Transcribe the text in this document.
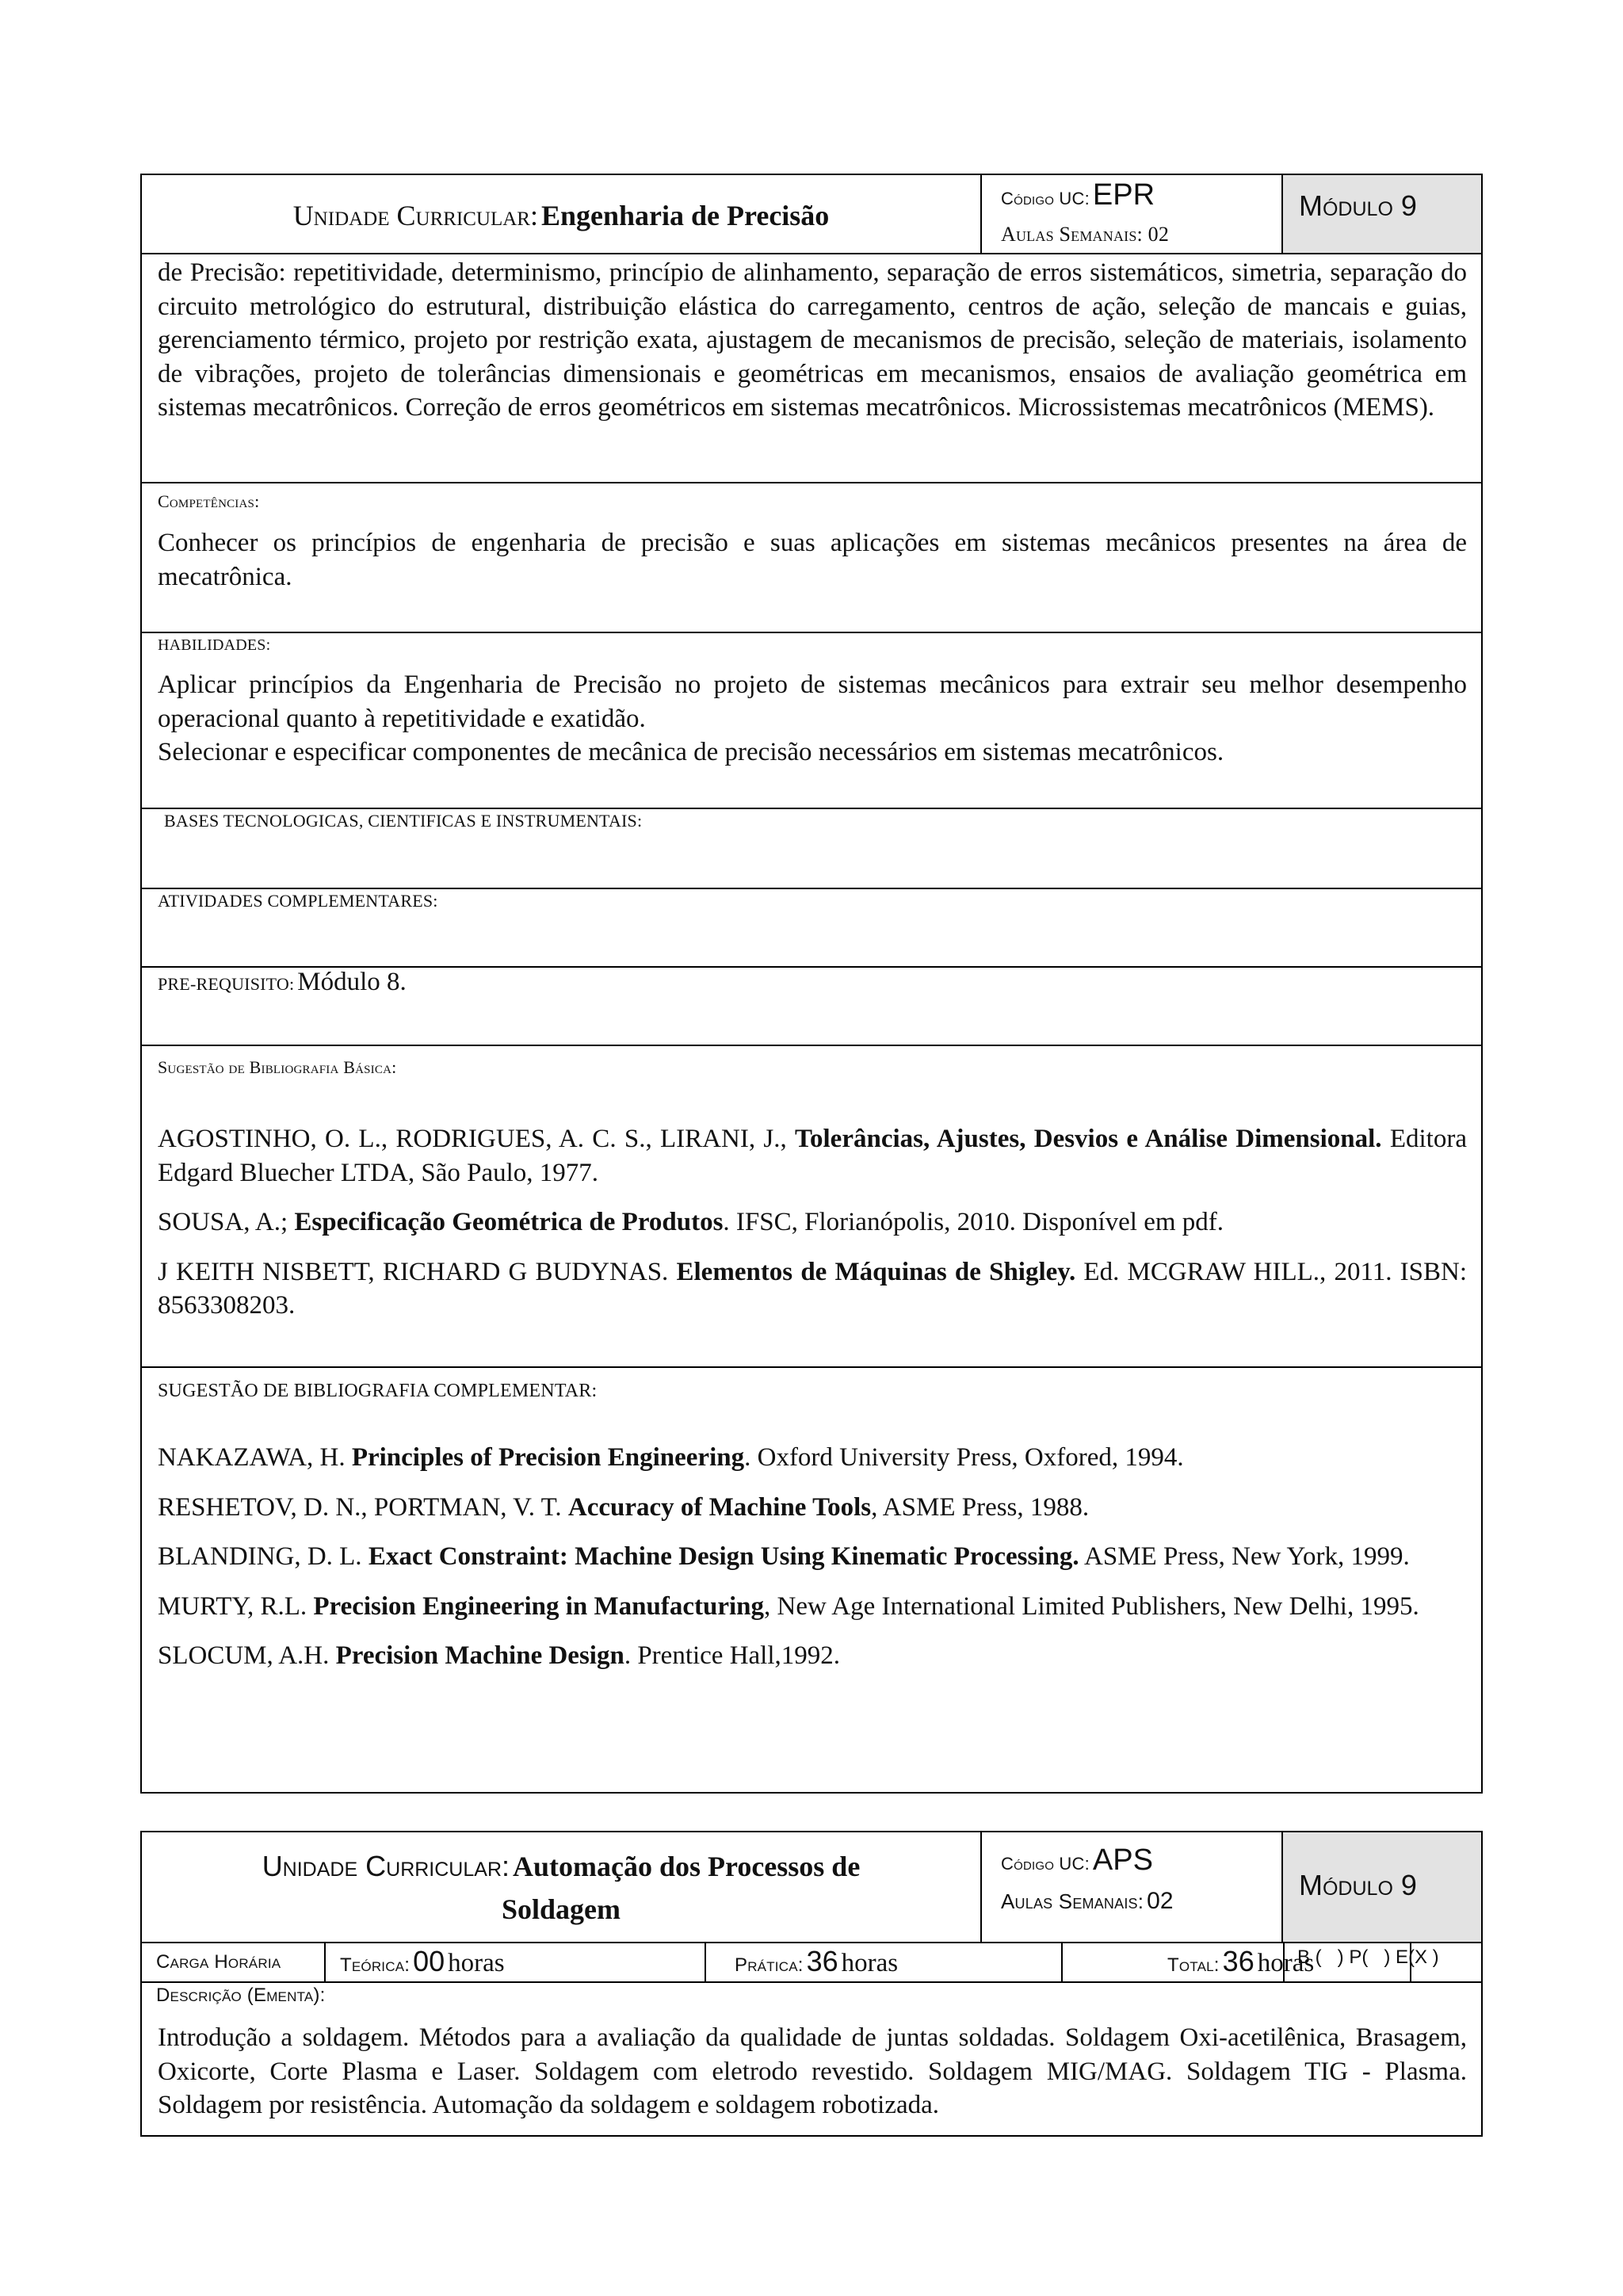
Unidade Curricular: Engenharia de Precisão
Código UC: EPR
Aulas Semanais: 02
Módulo 9
de Precisão: repetitividade, determinismo, princípio de alinhamento, separação de erros sistemáticos, simetria, separação do circuito metrológico do estrutural, distribuição elástica do carregamento, centros de ação, seleção de mancais e guias, gerenciamento térmico, projeto por restrição exata, ajustagem de mecanismos de precisão, seleção de materiais, isolamento de vibrações, projeto de tolerâncias dimensionais e geométricas em mecanismos, ensaios de avaliação geométrica em sistemas mecatrônicos. Correção de erros geométricos em sistemas mecatrônicos. Microssistemas mecatrônicos (MEMS).
Competências:
Conhecer os princípios de engenharia de precisão e suas aplicações em sistemas mecânicos presentes na área de mecatrônica.
HABILIDADES:

Aplicar princípios da Engenharia de Precisão no projeto de sistemas mecânicos para extrair seu melhor desempenho operacional quanto à repetitividade e exatidão.

Selecionar e especificar componentes de mecânica de precisão necessários em sistemas mecatrônicos.

BASES TECNOLOGICAS, CIENTIFICAS E INSTRUMENTAIS:
ATIVIDADES COMPLEMENTARES:
PRE-REQUISITO: Módulo 8.
Sugestão de Bibliografia Básica:

AGOSTINHO, O. L., RODRIGUES, A. C. S., LIRANI, J., Tolerâncias, Ajustes, Desvios e Análise Dimensional. Editora Edgard Bluecher LTDA, São Paulo, 1977.

SOUSA, A.; Especificação Geométrica de Produtos. IFSC, Florianópolis, 2010. Disponível em pdf.

J KEITH NISBETT, RICHARD G BUDYNAS. Elementos de Máquinas de Shigley. Ed. MCGRAW HILL., 2011. ISBN: 8563308203.

SUGESTÃO DE BIBLIOGRAFIA COMPLEMENTAR:

NAKAZAWA, H. Principles of Precision Engineering. Oxford University Press, Oxfored, 1994.

RESHETOV, D. N., PORTMAN, V. T. Accuracy of Machine Tools, ASME Press, 1988.

BLANDING, D. L. Exact Constraint: Machine Design Using Kinematic Processing. ASME Press, New York, 1999.

MURTY, R.L. Precision Engineering in Manufacturing, New Age International Limited Publishers, New Delhi, 1995.

SLOCUM, A.H. Precision Machine Design. Prentice Hall,1992.

Unidade Curricular: Automação dos Processos de
Soldagem
Código UC: APS
Aulas Semanais: 02	Módulo 9
Carga Horária	Teórica: 00 horas	Prática: 36 horas	Total: 36 horas
B (   ) P(   ) E(X )
Descrição (Ementa):
Introdução a soldagem. Métodos para a avaliação da qualidade de juntas soldadas. Soldagem Oxi-acetilênica, Brasagem, Oxicorte, Corte Plasma e Laser. Soldagem com eletrodo revestido. Soldagem MIG/MAG. Soldagem TIG - Plasma. Soldagem por resistência. Automação da soldagem e soldagem robotizada.
